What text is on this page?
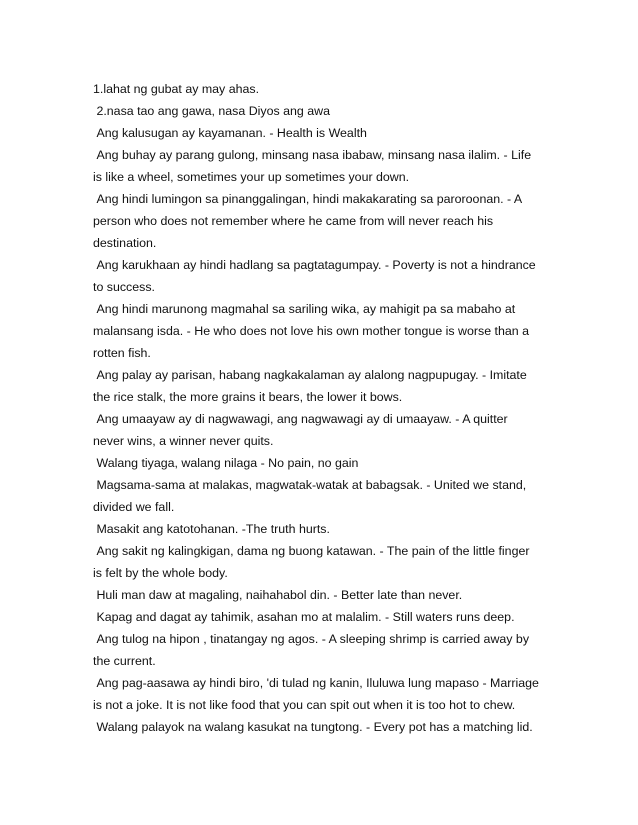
1.lahat ng gubat ay may ahas.

2.nasa tao ang gawa, nasa Diyos ang awa

Ang kalusugan ay kayamanan. - Health is Wealth

Ang buhay ay parang gulong, minsang nasa ibabaw, minsang nasa ilalim. - Life

is like a wheel, sometimes your up sometimes your down.

Ang hindi lumingon sa pinanggalingan, hindi makakarating sa paroroonan. - A

person who does not remember where he came from will never reach his

destination.

Ang karukhaan ay hindi hadlang sa pagtatagumpay. - Poverty is not a hindrance

to success.

Ang hindi marunong magmahal sa sariling wika, ay mahigit pa sa mabaho at

malansang isda. - He who does not love his own mother tongue is worse than a

rotten fish.

Ang palay ay parisan, habang nagkakalaman ay alalong nagpupugay. - Imitate

the rice stalk, the more grains it bears, the lower it bows.

Ang umaayaw ay di nagwawagi, ang nagwawagi ay di umaayaw. - A quitter

never wins, a winner never quits.

Walang tiyaga, walang nilaga - No pain, no gain

Magsama-sama at malakas, magwatak-watak at babagsak. - United we stand,

divided we fall.

Masakit ang katotohanan. -The truth hurts.

Ang sakit ng kalingkigan, dama ng buong katawan. - The pain of the little finger

is felt by the whole body.

Huli man daw at magaling, naihahabol din. - Better late than never.

Kapag and dagat ay tahimik, asahan mo at malalim. - Still waters runs deep.

Ang tulog na hipon , tinatangay ng agos. - A sleeping shrimp is carried away by

the current.

Ang pag-aasawa ay hindi biro, 'di tulad ng kanin, Iluluwa lung mapaso - Marriage

is not a joke. It is not like food that you can spit out when it is too hot to chew.

Walang palayok na walang kasukat na tungtong. - Every pot has a matching lid.
